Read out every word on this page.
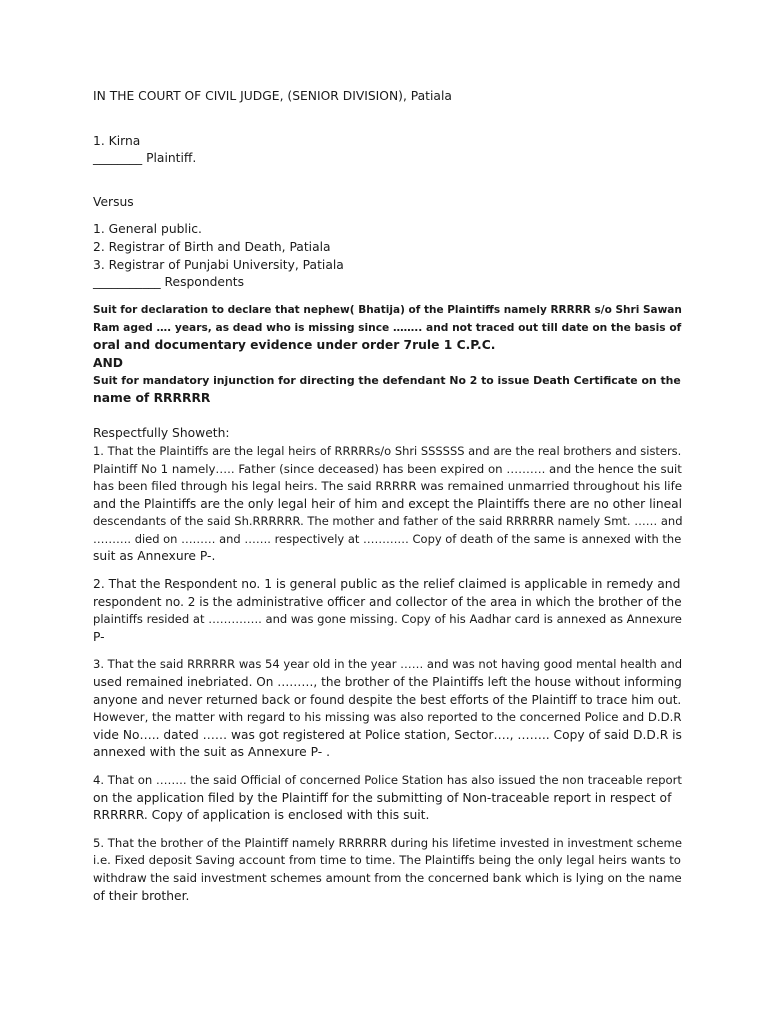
IN THE COURT OF CIVIL JUDGE, (SENIOR DIVISION), Patiala
1. Kirna
________ Plaintiff.
Versus
1. General public.
2. Registrar of Birth and Death, Patiala
3. Registrar of Punjabi University, Patiala
___________ Respondents
Suit for declaration to declare that nephew( Bhatija) of the Plaintiffs namely RRRRR s/o Shri Sawan
Ram aged …. years, as dead who is missing since …….. and not traced out till date on the basis of
oral and documentary evidence under order 7rule 1 C.P.C.
AND
Suit for mandatory injunction for directing the defendant No 2 to issue Death Certificate on the
name of RRRRRR
Respectfully Showeth:
1. That the Plaintiffs are the legal heirs of RRRRRs/o Shri SSSSSS and are the real brothers and sisters.
Plaintiff No 1 namely….. Father (since deceased) has been expired on ………. and the hence the suit
has been filed through his legal heirs. The said RRRRR was remained unmarried throughout his life
and the Plaintiffs are the only legal heir of him and except the Plaintiffs there are no other lineal
descendants of the said Sh.RRRRRR. The mother and father of the said RRRRRR namely Smt. …… and
………. died on ……… and ……. respectively at ………… Copy of death of the same is annexed with the
suit as Annexure P-.
2. That the Respondent no. 1 is general public as the relief claimed is applicable in remedy and
respondent no. 2 is the administrative officer and collector of the area in which the brother of the
plaintiffs resided at ………….. and was gone missing. Copy of his Aadhar card is annexed as Annexure
P-
3. That the said RRRRRR was 54 year old in the year …… and was not having good mental health and
used remained inebriated. On ………, the brother of the Plaintiffs left the house without informing
anyone and never returned back or found despite the best efforts of the Plaintiff to trace him out.
However, the matter with regard to his missing was also reported to the concerned Police and D.D.R
vide No….. dated …… was got registered at Police station, Sector…., …….. Copy of said D.D.R is
annexed with the suit as Annexure P- .
4. That on …….. the said Official of concerned Police Station has also issued the non traceable report
on the application filed by the Plaintiff for the submitting of Non-traceable report in respect of
RRRRRR. Copy of application is enclosed with this suit.
5. That the brother of the Plaintiff namely RRRRRR during his lifetime invested in investment scheme
i.e. Fixed deposit Saving account from time to time. The Plaintiffs being the only legal heirs wants to
withdraw the said investment schemes amount from the concerned bank which is lying on the name
of their brother.
